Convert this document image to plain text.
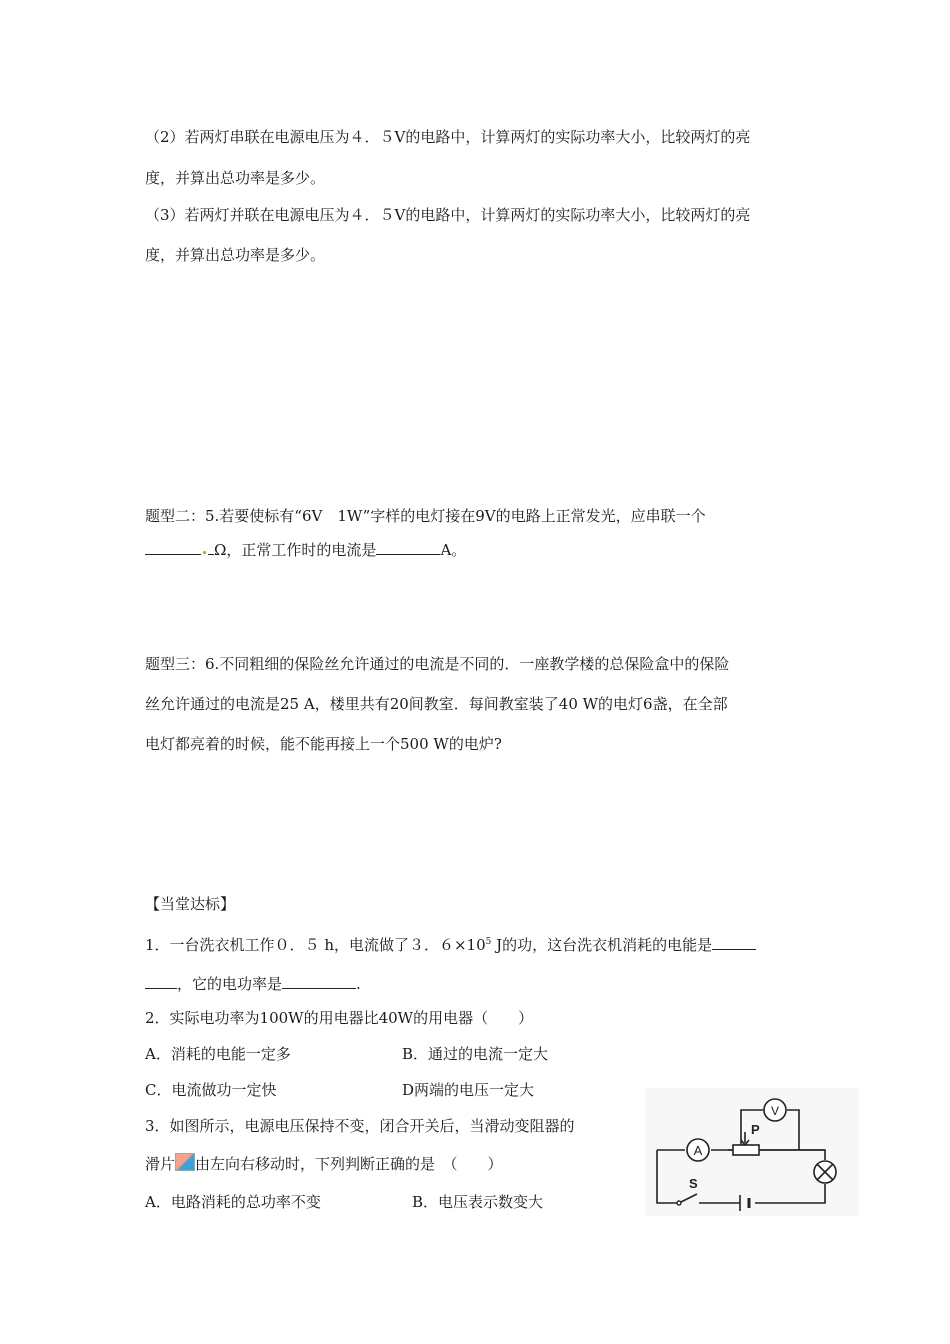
（2）若两灯串联在电源电压为４．５V的电路中，计算两灯的实际功率大小，比较两灯的亮
度，并算出总功率是多少。
（3）若两灯并联在电源电压为４．５V的电路中，计算两灯的实际功率大小，比较两灯的亮
度，并算出总功率是多少。
题型二：5.若要使标有“6V　1W”字样的电灯接在9V的电路上正常发光，应串联一个
Ω，正常工作时的电流是	A。
题型三：6.不同粗细的保险丝允许通过的电流是不同的．一座教学楼的总保险盒中的保险
丝允许通过的电流是25 A，楼里共有20间教室．每间教室装了40 W的电灯6盏，在全部
电灯都亮着的时候，能不能再接上一个500 W的电炉?
【当堂达标】
1．一台洗衣机工作０．５ h，电流做了３．$6\times 10^5$ J的功，这台洗衣机消耗的电能是
，它的电功率是	.
2．实际电功率为100W的用电器比40W的用电器（　　）
A．消耗的电能一定多	B．通过的电流一定大
C．电流做功一定快	D两端的电压一定大
3．如图所示，电源电压保持不变，闭合开关后，当滑动变阻器的
滑片 由左向右移动时，下列判断正确的是　（　　）
A．电路消耗的总功率不变	B．电压表示数变大
A
V
P
S
